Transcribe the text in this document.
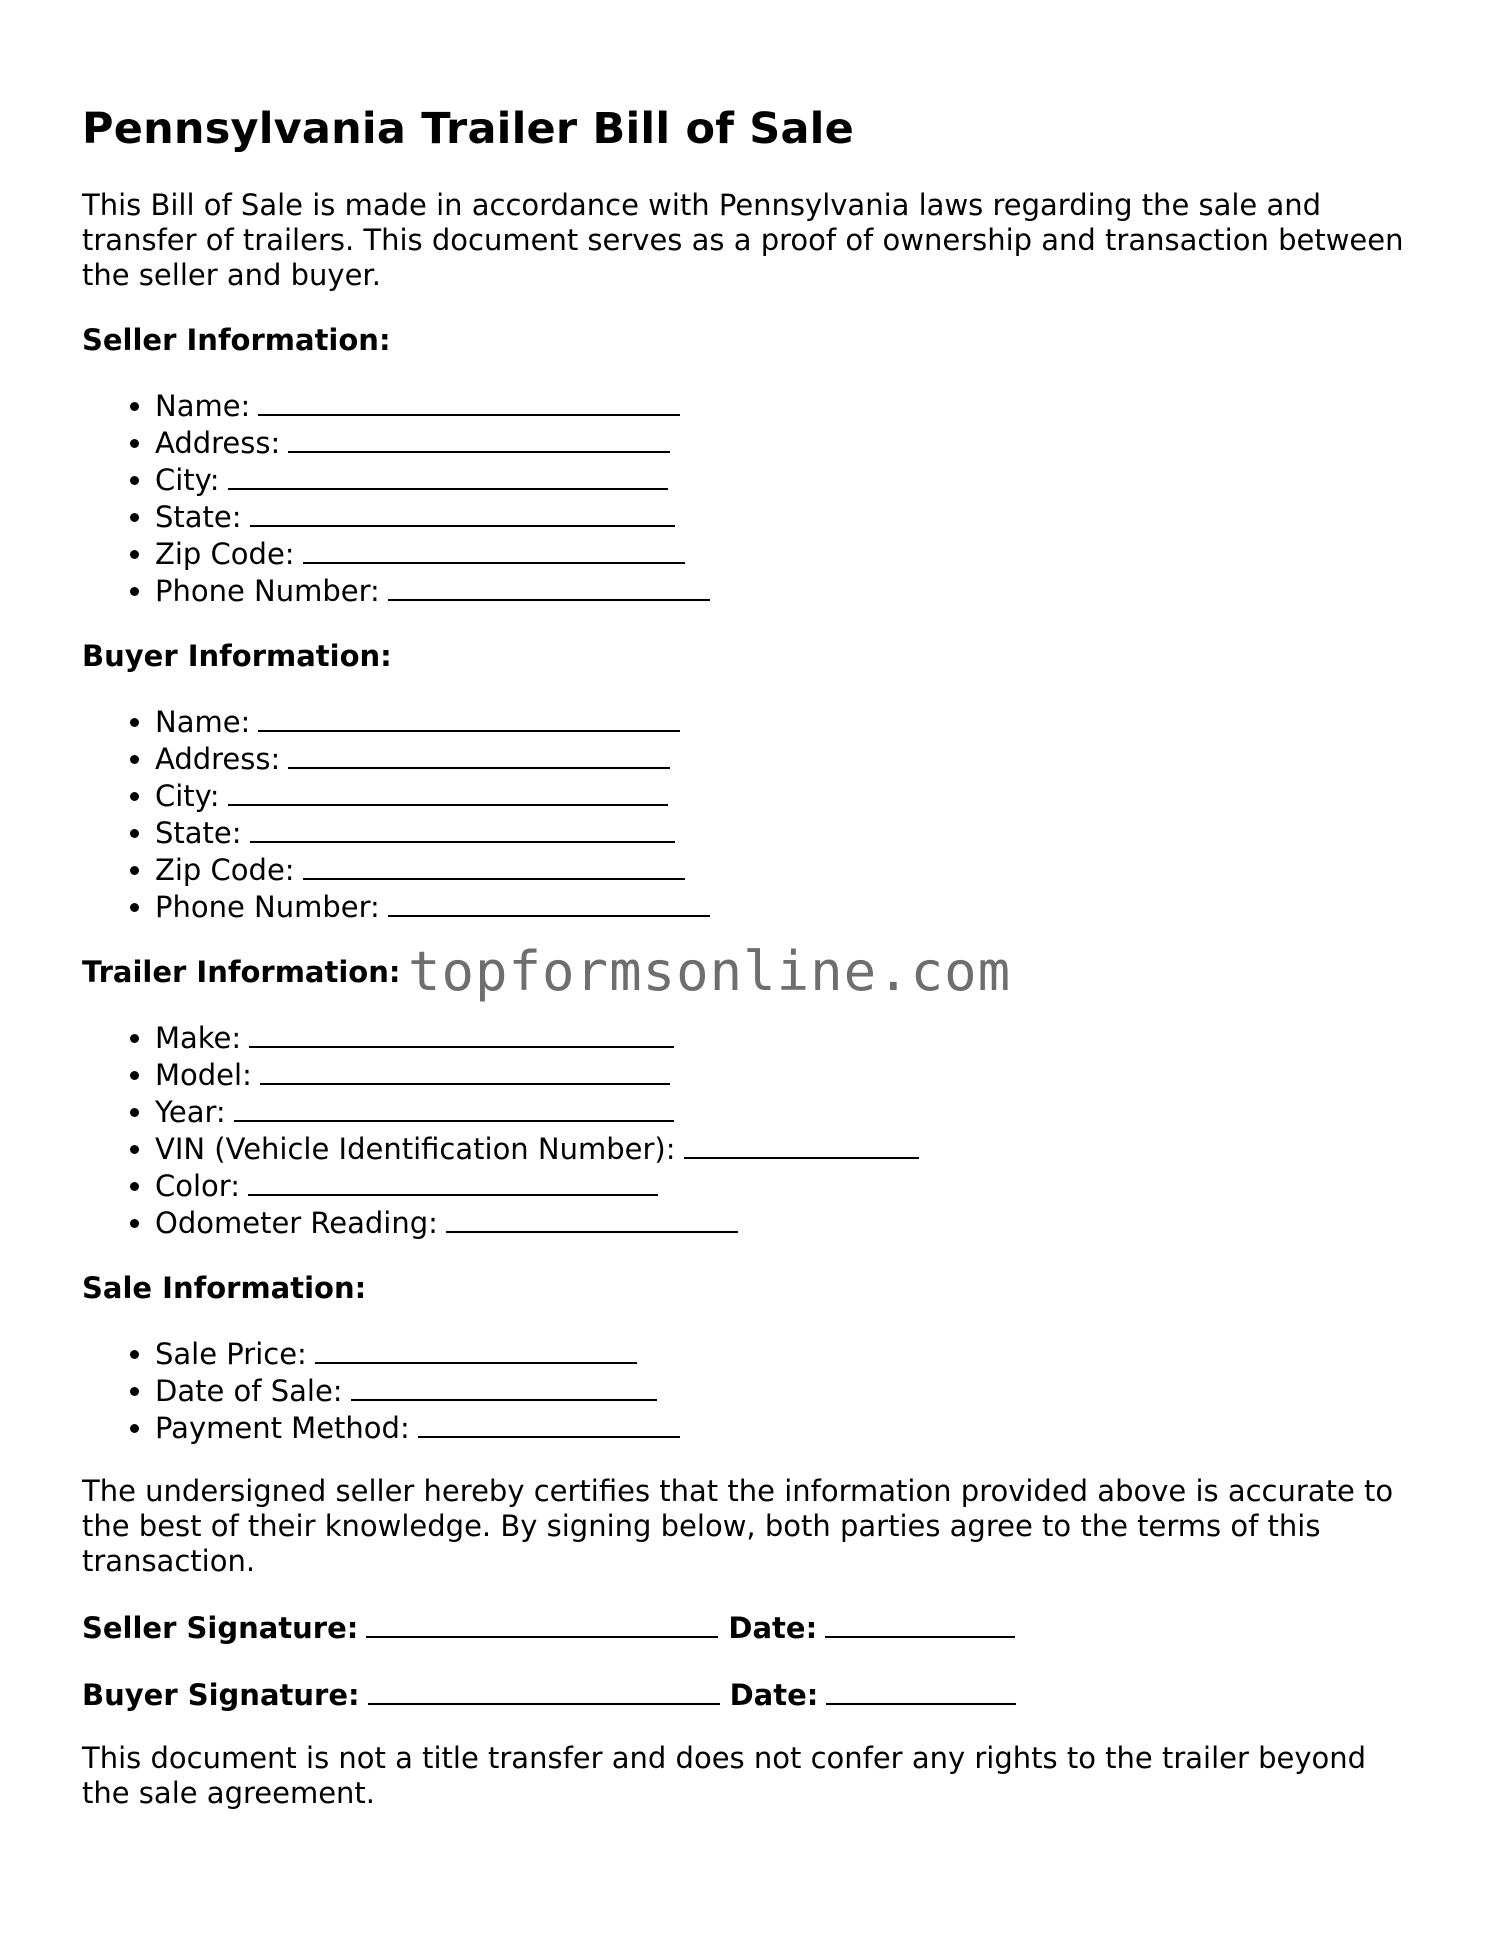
Pennsylvania Trailer Bill of Sale

This Bill of Sale is made in accordance with Pennsylvania laws regarding the sale and transfer of trailers. This document serves as a proof of ownership and transaction between the seller and buyer.

Seller Information:
• Name:
• Address:
• City:
• State:
• Zip Code:
• Phone Number:
Buyer Information:
• Name:
• Address:
• City:
• State:
• Zip Code:
• Phone Number:
Trailer Information:
• Make:
• Model:
• Year:
• VIN (Vehicle Identification Number):
• Color:
• Odometer Reading:
Sale Information:
• Sale Price:
• Date of Sale:
• Payment Method:

The undersigned seller hereby certifies that the information provided above is accurate to the best of their knowledge. By signing below, both parties agree to the terms of this transaction.

Seller Signature:	Date:
Buyer Signature:	Date:

This document is not a title transfer and does not confer any rights to the trailer beyond the sale agreement.

topformsonline.com
